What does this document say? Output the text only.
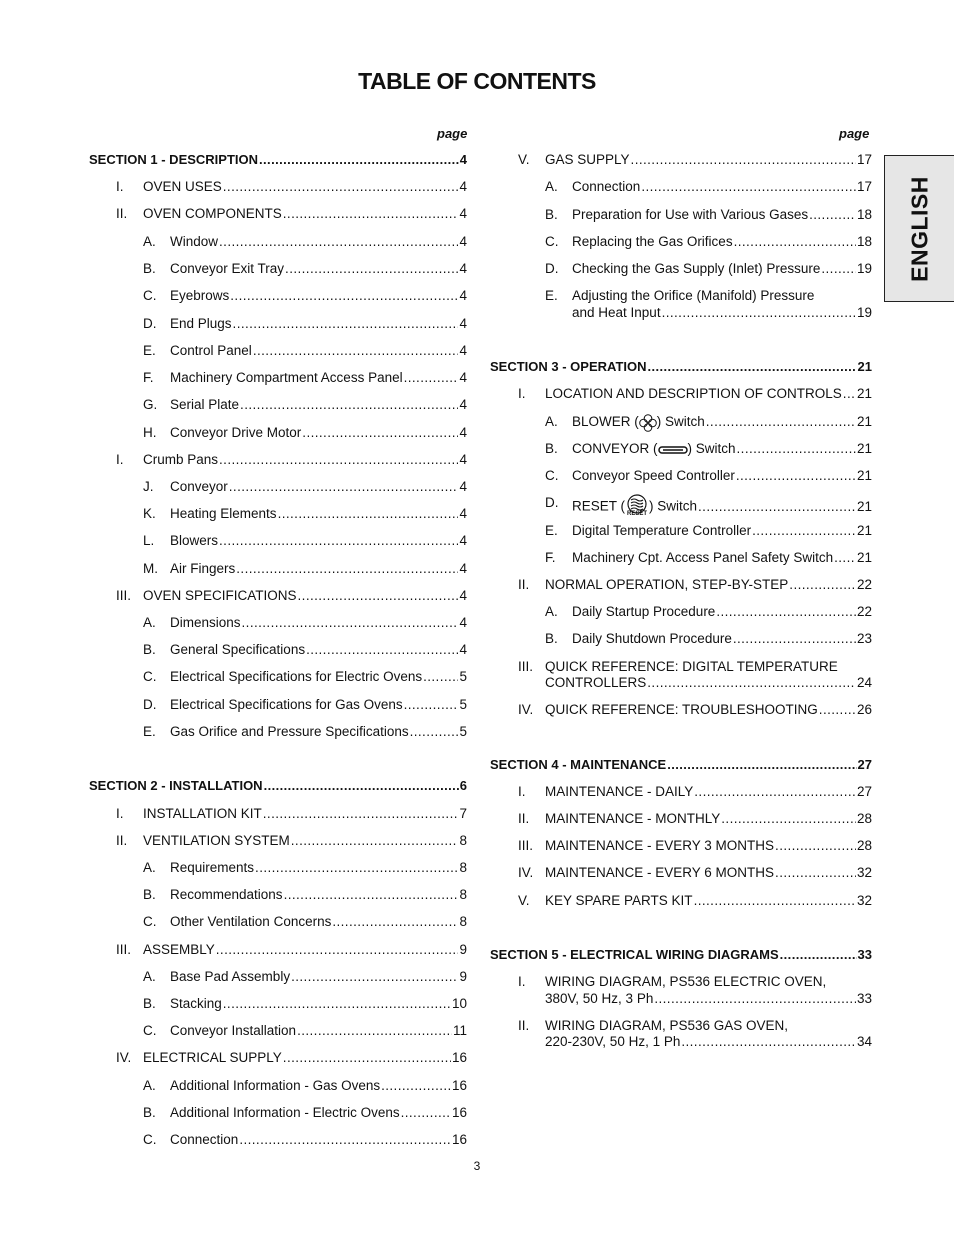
TABLE OF CONTENTS
page	page
ENGLISH
3
SECTION 1 - DESCRIPTION .....	4
I. OVEN USES .....	4
II. OVEN COMPONENTS .....	4
A. Window .....	4
B. Conveyor Exit Tray .....	4
C. Eyebrows .....	4
D. End Plugs .....	4
E. Control Panel .....	4
F. Machinery Compartment Access Panel .....	4
G. Serial Plate .....	4
H. Conveyor Drive Motor .....	4
I. Crumb Pans .....	4
J. Conveyor .....	4
K. Heating Elements .....	4
L. Blowers .....	4
M. Air Fingers .....	4
III. OVEN SPECIFICATIONS .....	4
A. Dimensions .....	4
B. General Specifications .....	4
C. Electrical Specifications for Electric Ovens .....	5
D. Electrical Specifications for Gas Ovens .....	5
E. Gas Orifice and Pressure Specifications .....	5
SECTION 2 - INSTALLATION .....	6
I. INSTALLATION KIT .....	7
II. VENTILATION SYSTEM .....	8
A. Requirements .....	8
B. Recommendations .....	8
C. Other Ventilation Concerns .....	8
III. ASSEMBLY .....	9
A. Base Pad Assembly .....	9
B. Stacking .....	10
C. Conveyor Installation .....	11
IV. ELECTRICAL SUPPLY .....	16
A. Additional Information - Gas Ovens .....	16
B. Additional Information - Electric Ovens .....	16
C. Connection .....	16
V. GAS SUPPLY .....	17
A. Connection .....	17
B. Preparation for Use with Various Gases .....	18
C. Replacing the Gas Orifices .....	18
D. Checking the Gas Supply (Inlet) Pressure .....	19
E. Adjusting the Orifice (Manifold) Pressure
and Heat Input .....	19
SECTION 3 - OPERATION .....	21
I. LOCATION AND DESCRIPTION OF CONTROLS ..... 21
A. BLOWER ( ) Switch .....	21
B. CONVEYOR ( ) Switch .....	21
C. Conveyor Speed Controller .....	21
D. RESET (
RESET
) Switch .....	21
E. Digital Temperature Controller .....	21
F. Machinery Cpt. Access Panel Safety Switch ..... 21
II. NORMAL OPERATION, STEP-BY-STEP .....	22
A. Daily Startup Procedure .....	22
B. Daily Shutdown Procedure .....	23
III. QUICK REFERENCE: DIGITAL TEMPERATURE
CONTROLLERS .....	24
IV. QUICK REFERENCE: TROUBLESHOOTING .....	26
SECTION 4 - MAINTENANCE .....	27
I. MAINTENANCE - DAILY .....	27
II. MAINTENANCE - MONTHLY .....	28
III. MAINTENANCE - EVERY 3 MONTHS .....	28
IV. MAINTENANCE - EVERY 6 MONTHS .....	32
V. KEY SPARE PARTS KIT .....	32
SECTION 5 - ELECTRICAL WIRING DIAGRAMS .....	33
I. WIRING DIAGRAM, PS536 ELECTRIC OVEN,
380V, 50 Hz, 3 Ph .....	33
II. WIRING DIAGRAM, PS536 GAS OVEN,
220-230V, 50 Hz, 1 Ph .....	34
